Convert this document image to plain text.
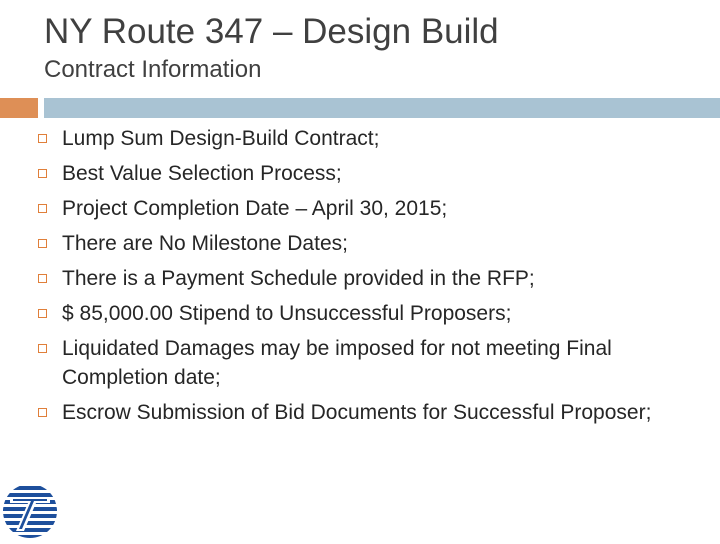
NY Route 347 – Design Build
Contract Information
Lump Sum Design-Build Contract;
Best Value Selection Process;
Project Completion Date – April 30, 2015;
There are No Milestone Dates;
There is a Payment Schedule provided in the RFP;
$ 85,000.00 Stipend to Unsuccessful Proposers;
Liquidated Damages may be imposed for not meeting Final Completion date;
Escrow Submission of Bid Documents for Successful Proposer;
